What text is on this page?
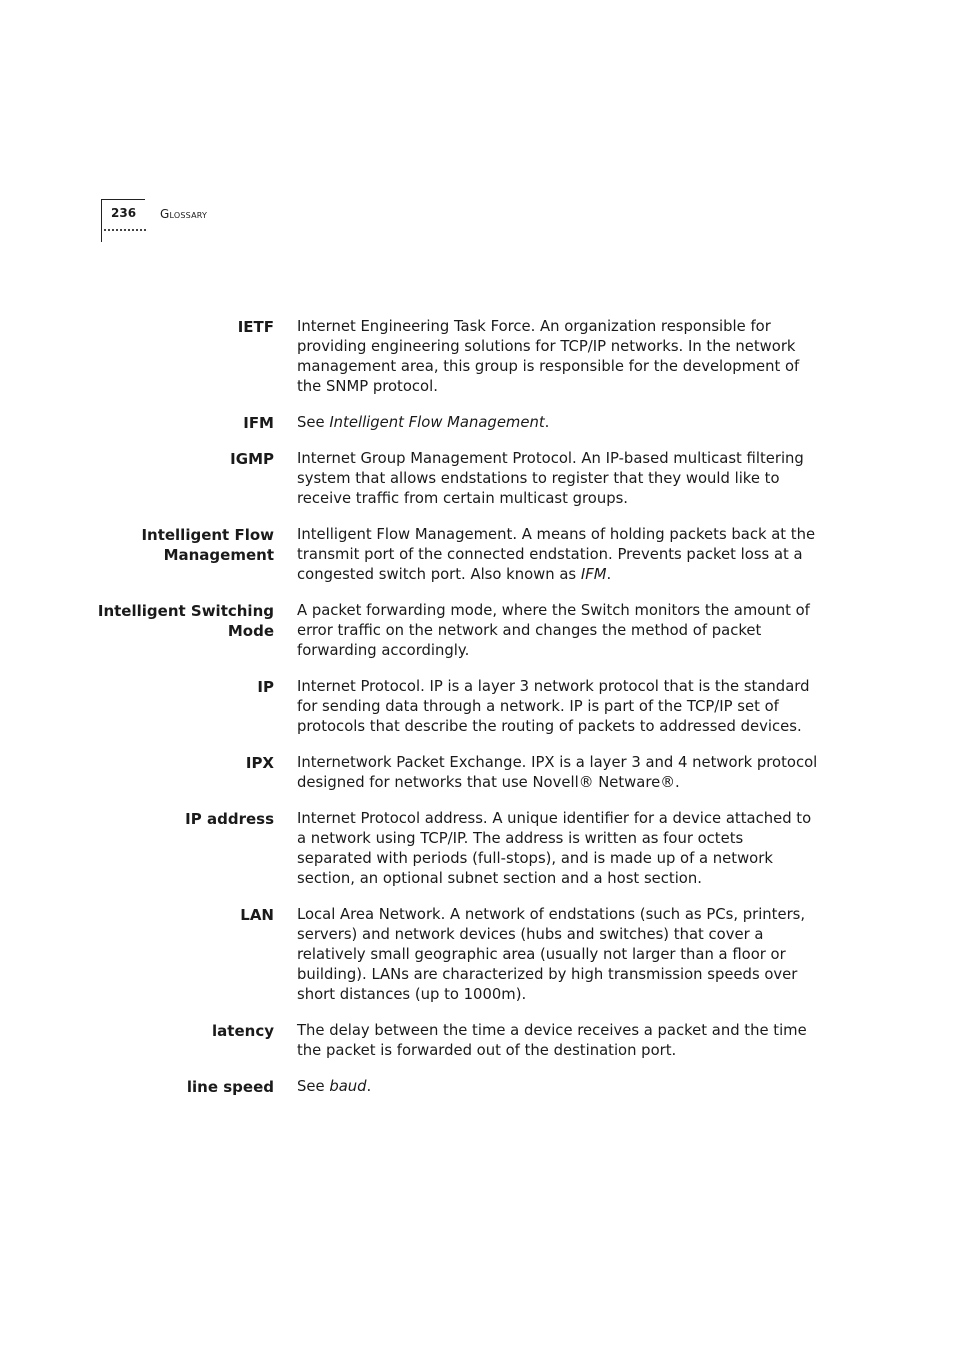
236 Glossary
IETF Internet Engineering Task Force. An organization responsible for providing engineering solutions for TCP/IP networks. In the network management area, this group is responsible for the development of the SNMP protocol.
IFM See Intelligent Flow Management.
IGMP Internet Group Management Protocol. An IP-based multicast filtering system that allows endstations to register that they would like to receive traffic from certain multicast groups.
Intelligent Flow
Management
Intelligent Flow Management. A means of holding packets back at the transmit port of the connected endstation. Prevents packet loss at a congested switch port. Also known as IFM.
Intelligent Switching
Mode
A packet forwarding mode, where the Switch monitors the amount of error traffic on the network and changes the method of packet forwarding accordingly.
IP Internet Protocol. IP is a layer 3 network protocol that is the standard for sending data through a network. IP is part of the TCP/IP set of protocols that describe the routing of packets to addressed devices.
IPX Internetwork Packet Exchange. IPX is a layer 3 and 4 network protocol designed for networks that use Novell® Netware®.
IP address Internet Protocol address. A unique identifier for a device attached to a network using TCP/IP. The address is written as four octets separated with periods (full-stops), and is made up of a network section, an optional subnet section and a host section.
LAN Local Area Network. A network of endstations (such as PCs, printers, servers) and network devices (hubs and switches) that cover a relatively small geographic area (usually not larger than a floor or building). LANs are characterized by high transmission speeds over short distances (up to 1000m).
latency The delay between the time a device receives a packet and the time the packet is forwarded out of the destination port.
line speed See baud.
